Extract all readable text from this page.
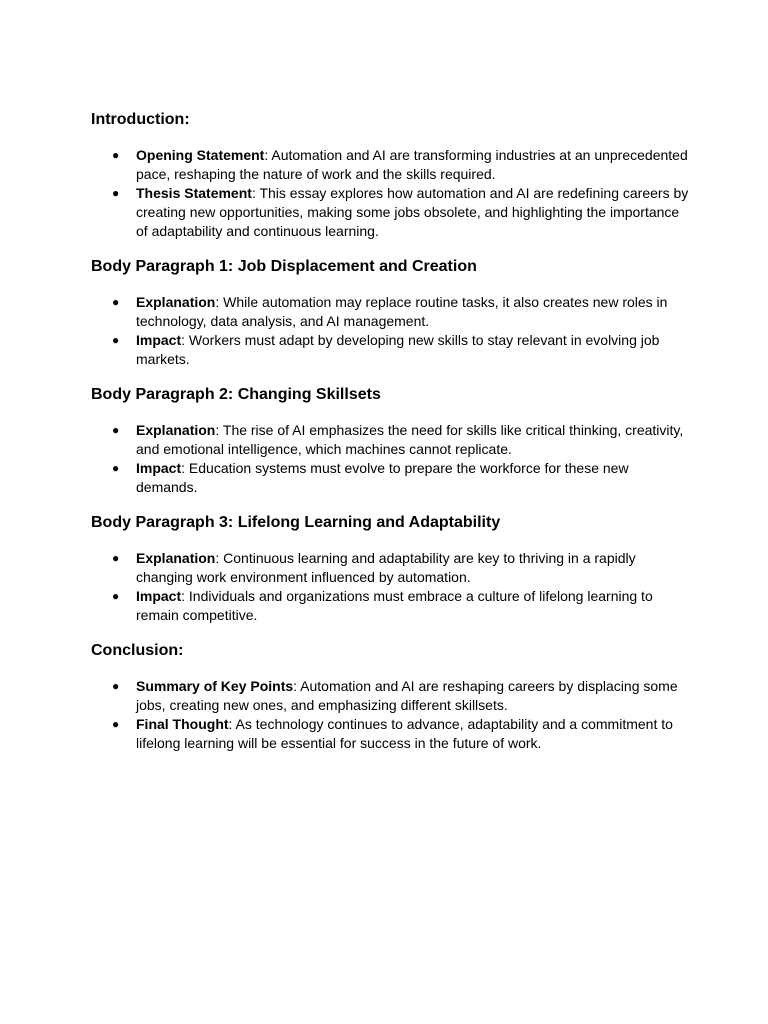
Introduction:
● Opening Statement: Automation and AI are transforming industries at an unprecedented pace, reshaping the nature of work and the skills required.
● Thesis Statement: This essay explores how automation and AI are redefining careers by creating new opportunities, making some jobs obsolete, and highlighting the importance of adaptability and continuous learning.
Body Paragraph 1: Job Displacement and Creation
● Explanation: While automation may replace routine tasks, it also creates new roles in technology, data analysis, and AI management.
● Impact: Workers must adapt by developing new skills to stay relevant in evolving job markets.
Body Paragraph 2: Changing Skillsets
● Explanation: The rise of AI emphasizes the need for skills like critical thinking, creativity, and emotional intelligence, which machines cannot replicate.
● Impact: Education systems must evolve to prepare the workforce for these new demands.
Body Paragraph 3: Lifelong Learning and Adaptability
● Explanation: Continuous learning and adaptability are key to thriving in a rapidly changing work environment influenced by automation.
● Impact: Individuals and organizations must embrace a culture of lifelong learning to remain competitive.
Conclusion:
● Summary of Key Points: Automation and AI are reshaping careers by displacing some jobs, creating new ones, and emphasizing different skillsets.
● Final Thought: As technology continues to advance, adaptability and a commitment to lifelong learning will be essential for success in the future of work.
